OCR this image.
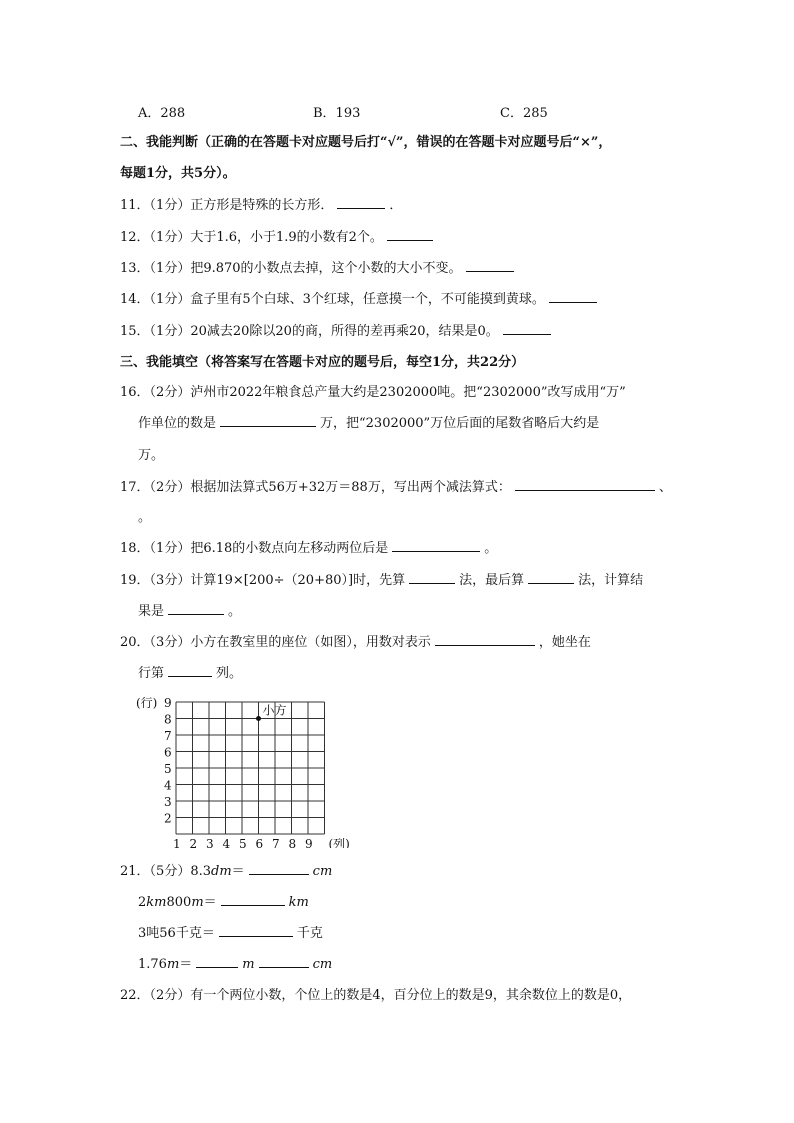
A．288	B．193	C．285
二、我能判断（正确的在答题卡对应题号后打“√”，错误的在答题卡对应题号后“×”，
每题1分，共5分）。
11．（1分）正方形是特殊的长方形．	．
12．（1分）大于1.6，小于1.9的小数有2个。
13．（1分）把9.870的小数点去掉，这个小数的大小不变。
14．（1分）盒子里有5个白球、3个红球，任意摸一个，不可能摸到黄球。
15．（1分）20减去20除以20的商，所得的差再乘20，结果是0。
三、我能填空（将答案写在答题卡对应的题号后，每空1分，共22分）
16．（2分）泸州市2022年粮食总产量大约是2302000吨。把“2302000”改写成用“万”
作单位的数是	万，把“2302000”万位后面的尾数省略后大约是
万。
17．（2分）根据加法算式56万+32万＝88万，写出两个减法算式：	、
。
18．（1分）把6.18的小数点向左移动两位后是	。
19．（3分）计算19×[200÷（20+80）]时，先算	法，最后算	法，计算结
果是	。
20．（3分）小方在教室里的座位（如图），用数对表示	，她坐在
行第	列。
(行) 9
8
7
6
5
4
3
2
1 2 3 4 5 6 7 8 9 (列)
小方
21．（5分）8.3dm＝	cm
2km800m＝	km
3吨56千克＝	千克
1.76m＝	m	cm
22．（2分）有一个两位小数，个位上的数是4，百分位上的数是9，其余数位上的数是0，
